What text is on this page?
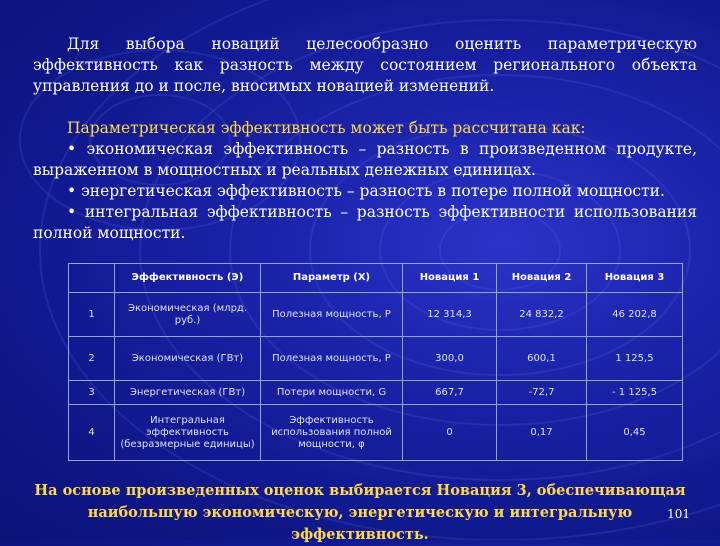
Для выбора новаций целесообразно оценить параметрическую эффективность как разность между состоянием регионального объекта управления до и после, вносимых новацией изменений.

Параметрическая эффективность может быть рассчитана как:

• экономическая эффективность – разность в произведенном продукте, выраженном в мощностных и реальных денежных единицах.

• энергетическая эффективность – разность в потере полной мощности.

• интегральная эффективность – разность эффективности использования полной мощности.

	Эффективность (Э)	Параметр (X)	Новация 1	Новация 2	Новация 3
1	Экономическая (млрд. руб.)	Полезная мощность, P	12 314,3	24 832,2	46 202,8
2	Экономическая (ГВт)	Полезная мощность, P	300,0	600,1	1 125,5
3	Энергетическая (ГВт)	Потери мощности, G	667,7	-72,7	- 1 125,5
4	Интегральная эффективность (безразмерные единицы)	Эффективность использования полной мощности, φ	0	0,17	0,45
На основе произведенных оценок выбирается Новация 3, обеспечивающая наибольшую экономическую, энергетическую и интегральную эффективность.
101
